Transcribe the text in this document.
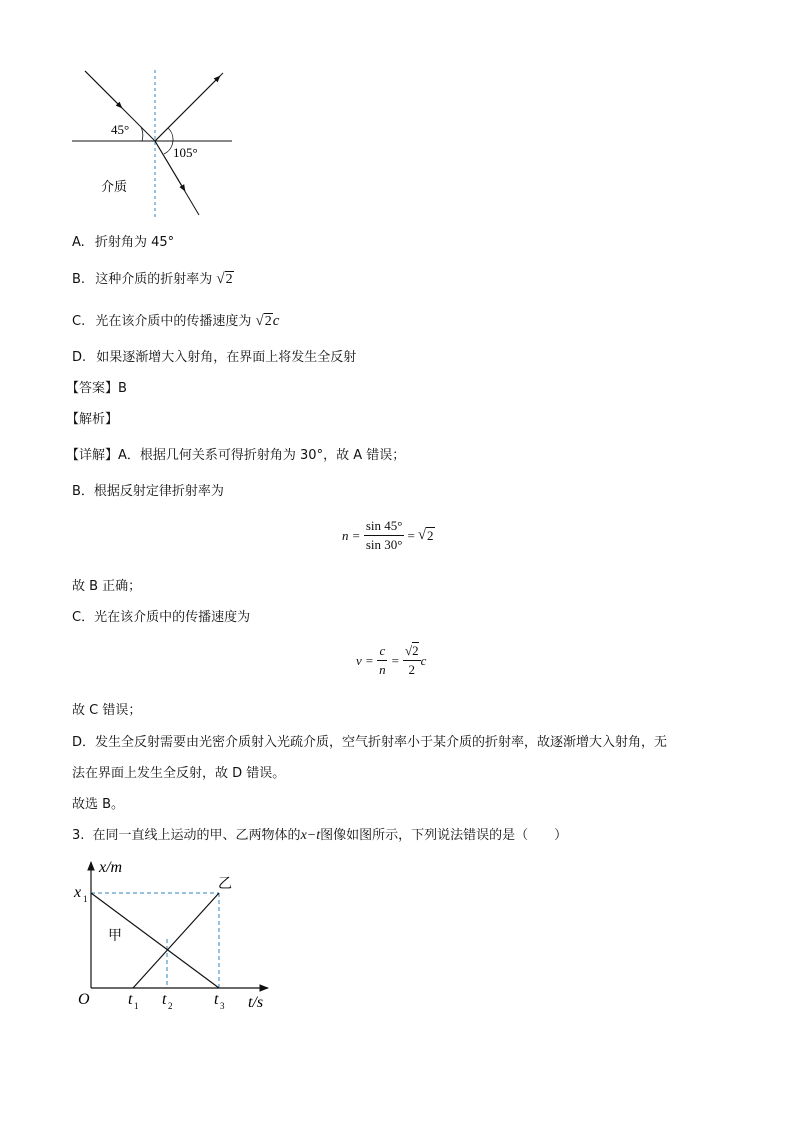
45°
105°
介质
A. 折射角为 45°
B. 这种介质的折射率为 √2
C. 光在该介质中的传播速度为 √2c
D. 如果逐渐增大入射角，在界面上将发生全反射
【答案】B
【解析】
【详解】A．根据几何关系可得折射角为 30°，故 A 错误；
B．根据反射定律折射率为
$n = \frac{\sin 45^\circ}{\sin 30^\circ}$ = √ 2
故 B 正确；
C．光在该介质中的传播速度为
$v = \frac{c}{n} = \frac{√2}{2}$ c
故 C 错误；
D．发生全反射需要由光密介质射入光疏介质，空气折射率小于某介质的折射率，故逐渐增大入射角，无
法在界面上发生全反射，故 D 错误。
故选 B。
3. 在同一直线上运动的甲、乙两物体的x−t图像如图所示，下列说法错误的是（　　）
x/m
t/s
O
x 1
t 1 t 2	t 3
甲
乙
